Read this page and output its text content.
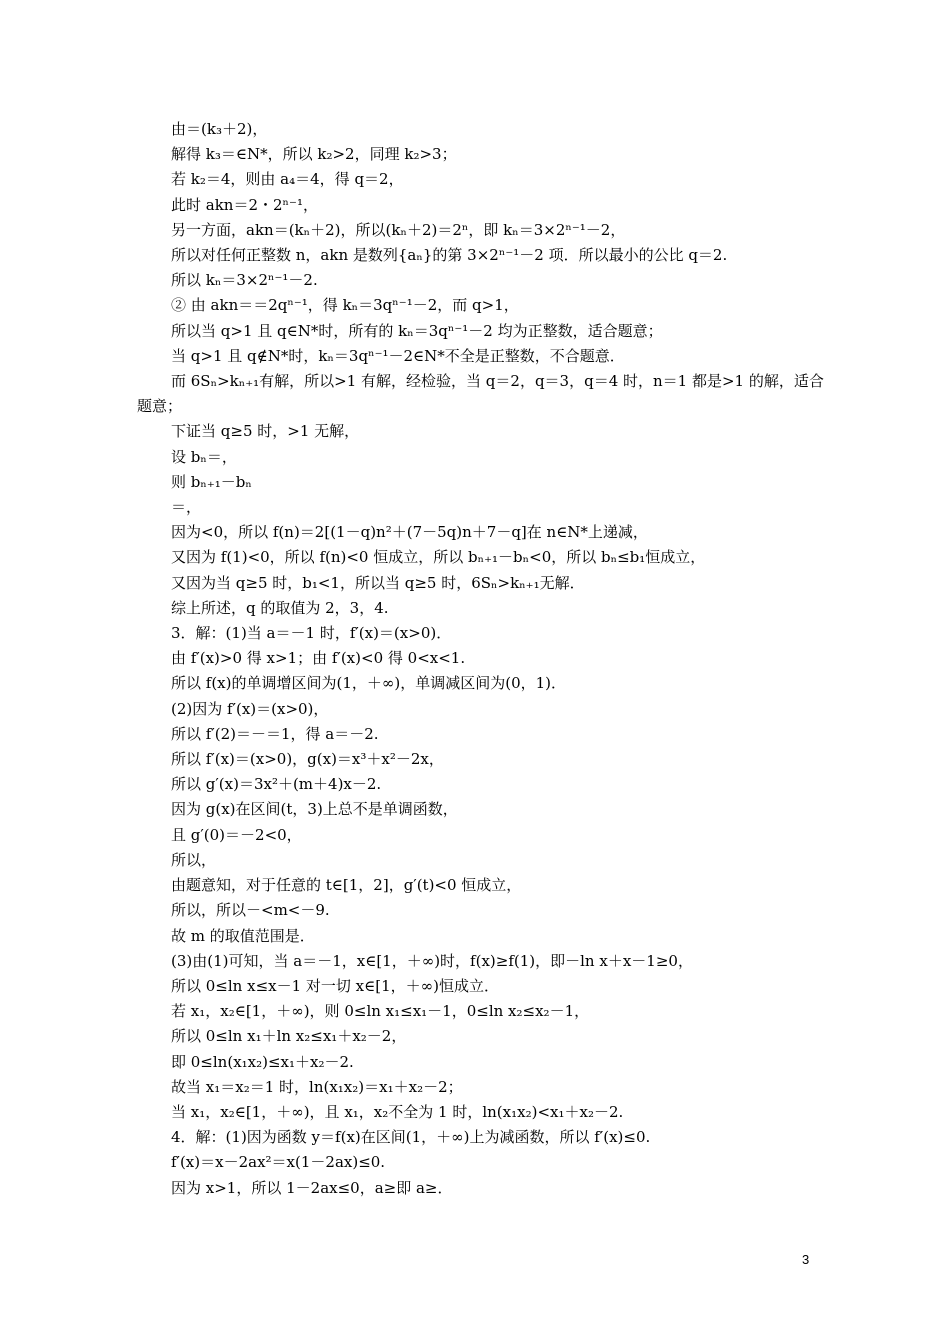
由＝(k₃＋2)，
解得 k₃＝∈N*，所以 k₂>2，同理 k₂>3；
若 k₂＝4，则由 a₄＝4，得 q＝2，
此时 akn＝2・2ⁿ⁻¹，
另一方面，akn＝(kₙ＋2)，所以(kₙ＋2)＝2ⁿ，即 kₙ＝3×2ⁿ⁻¹－2，
所以对任何正整数 n，akn 是数列{aₙ}的第 3×2ⁿ⁻¹－2 项．所以最小的公比 q＝2.
所以 kₙ＝3×2ⁿ⁻¹－2.
② 由 akn＝＝2qⁿ⁻¹，得 kₙ＝3qⁿ⁻¹－2，而 q>1，
所以当 q>1 且 q∈N*时，所有的 kₙ＝3qⁿ⁻¹－2 均为正整数，适合题意；
当 q>1 且 q∉N*时，kₙ＝3qⁿ⁻¹－2∈N*不全是正整数，不合题意．
而 6Sₙ>kₙ₊₁有解，所以>1 有解，经检验，当 q＝2，q＝3，q＝4 时，n＝1 都是>1 的解，适合题意；
下证当 q≥5 时，>1 无解，
设 bₙ＝，
则 bₙ₊₁－bₙ
＝，
因为<0，所以 f(n)＝2[(1－q)n²＋(7－5q)n＋7－q]在 n∈N*上递减，
又因为 f(1)<0，所以 f(n)<0 恒成立，所以 bₙ₊₁－bₙ<0，所以 bₙ≤b₁恒成立，
又因为当 q≥5 时，b₁<1，所以当 q≥5 时，6Sₙ>kₙ₊₁无解．
综上所述，q 的取值为 2，3，4.
3．解：(1)当 a＝－1 时，f′(x)＝(x>0)．
由 f′(x)>0 得 x>1；由 f′(x)<0 得 0<x<1.
所以 f(x)的单调增区间为(1，＋∞)，单调减区间为(0，1)．
(2)因为 f′(x)＝(x>0)，
所以 f′(2)＝－＝1，得 a＝－2.
所以 f′(x)＝(x>0)，g(x)＝x³＋x²－2x，
所以 g′(x)＝3x²＋(m＋4)x－2.
因为 g(x)在区间(t，3)上总不是单调函数，
且 g′(0)＝－2<0，
所以，
由题意知，对于任意的 t∈[1，2]，g′(t)<0 恒成立，
所以，所以－<m<－9.
故 m 的取值范围是．
(3)由(1)可知，当 a＝－1，x∈[1，＋∞)时，f(x)≥f(1)，即－ln x＋x－1≥0，
所以 0≤ln x≤x－1 对一切 x∈[1，＋∞)恒成立．
若 x₁，x₂∈[1，＋∞)，则 0≤ln x₁≤x₁－1，0≤ln x₂≤x₂－1，
所以 0≤ln x₁＋ln x₂≤x₁＋x₂－2，
即 0≤ln(x₁x₂)≤x₁＋x₂－2.
故当 x₁＝x₂＝1 时，ln(x₁x₂)＝x₁＋x₂－2；
当 x₁，x₂∈[1，＋∞)，且 x₁，x₂不全为 1 时，ln(x₁x₂)<x₁＋x₂－2.
4．解：(1)因为函数 y＝f(x)在区间(1，＋∞)上为减函数，所以 f′(x)≤0.
f′(x)＝x－2ax²＝x(1－2ax)≤0.
因为 x>1，所以 1－2ax≤0，a≥即 a≥．
3
